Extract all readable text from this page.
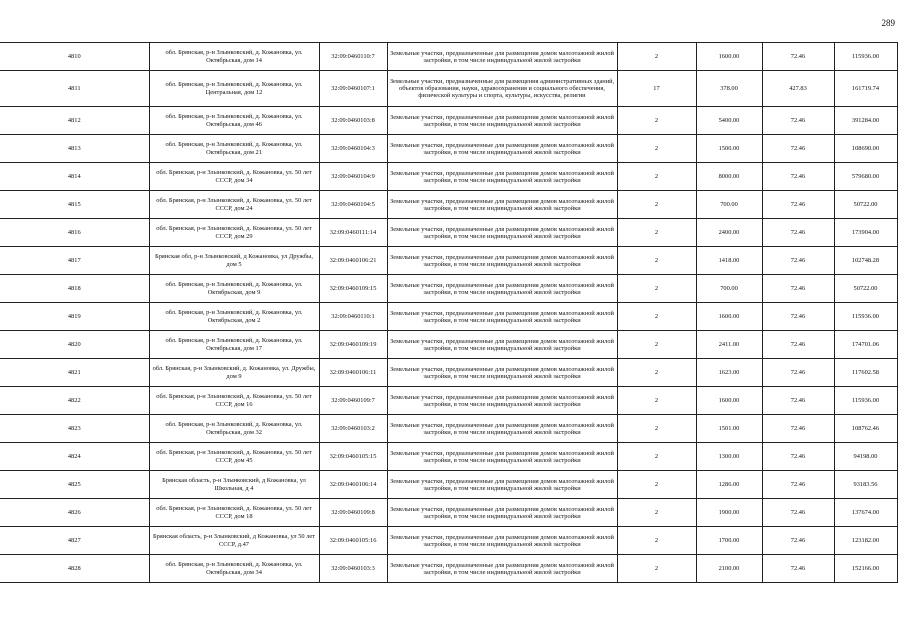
289
4810	обл. Брянская, р-н Злынковский, д. Кожановка, ул. Октябрьская, дом 14	32:09:0460110:7	Земельные участки, предназначенные для размещения домов малоэтажной жилой застройки, в том числе индивидуальной жилой застройки	2	1600.00	72.46	115936.00
4811	обл. Брянская, р-н Злынковский, д. Кожановка, ул. Центральная, дом 12	32:09:0460107:1	Земельные участки, предназначенные для размещения административных зданий, объектов образования, науки, здравоохранения и социального обеспечения, физической культуры и спорта, культуры, искусства, религии	17	378.00	427.83	161719.74
4812	обл. Брянская, р-н Злынковский, д. Кожановка, ул. Октябрьская, дом 46	32:09:0460103:8	Земельные участки, предназначенные для размещения домов малоэтажной жилой застройки, в том числе индивидуальной жилой застройки	2	5400.00	72.46	391284.00
4813	обл. Брянская, р-н Злынковский, д. Кожановка, ул. Октябрьская, дом 21	32:09:0460104:3	Земельные участки, предназначенные для размещения домов малоэтажной жилой застройки, в том числе индивидуальной жилой застройки	2	1500.00	72.46	108690.00
4814	обл. Брянская, р-н Злынковский, д. Кожановка, ул. 50 лет СССР, дом 34	32:09:0460104:9	Земельные участки, предназначенные для размещения домов малоэтажной жилой застройки, в том числе индивидуальной жилой застройки	2	8000.00	72.46	579680.00
4815	обл. Брянская, р-н Злынковский, д. Кожановка, ул. 50 лет СССР, дом 24	32:09:0460104:5	Земельные участки, предназначенные для размещения домов малоэтажной жилой застройки, в том числе индивидуальной жилой застройки	2	700.00	72.46	50722.00
4816	обл. Брянская, р-н Злынковский, д. Кожановка, ул. 50 лет СССР, дом 29	32:09:0460111:14	Земельные участки, предназначенные для размещения домов малоэтажной жилой застройки, в том числе индивидуальной жилой застройки	2	2400.00	72.46	173904.00
4817	Брянская обл, р-н Злынковский, д Кожановка, ул Дружбы, дом 5	32:09:0460106:21	Земельные участки, предназначенные для размещения домов малоэтажной жилой застройки, в том числе индивидуальной жилой застройки	2	1418.00	72.46	102748.28
4818	обл. Брянская, р-н Злынковский, д. Кожановка, ул. Октябрьская, дом 9	32:09:0460109:15	Земельные участки, предназначенные для размещения домов малоэтажной жилой застройки, в том числе индивидуальной жилой застройки	2	700.00	72.46	50722.00
4819	обл. Брянская, р-н Злынковский, д. Кожановка, ул. Октябрьская, дом 2	32:09:0460110:1	Земельные участки, предназначенные для размещения домов малоэтажной жилой застройки, в том числе индивидуальной жилой застройки	2	1600.00	72.46	115936.00
4820	обл. Брянская, р-н Злынковский, д. Кожановка, ул. Октябрьская, дом 17	32:09:0460109:19	Земельные участки, предназначенные для размещения домов малоэтажной жилой застройки, в том числе индивидуальной жилой застройки	2	2411.00	72.46	174701.06
4821	обл. Брянская, р-н Злынковский, д. Кожановка, ул. Дружбы, дом 9	32:09:0460106:11	Земельные участки, предназначенные для размещения домов малоэтажной жилой застройки, в том числе индивидуальной жилой застройки	2	1623.00	72.46	117602.58
4822	обл. Брянская, р-н Злынковский, д. Кожановка, ул. 50 лет СССР, дом 16	32:09:0460109:7	Земельные участки, предназначенные для размещения домов малоэтажной жилой застройки, в том числе индивидуальной жилой застройки	2	1600.00	72.46	115936.00
4823	обл. Брянская, р-н Злынковский, д. Кожановка, ул. Октябрьская, дом 32	32:09:0460103:2	Земельные участки, предназначенные для размещения домов малоэтажной жилой застройки, в том числе индивидуальной жилой застройки	2	1501.00	72.46	108762.46
4824	обл. Брянская, р-н Злынковский, д. Кожановка, ул. 50 лет СССР, дом 45	32:09:0460105:15	Земельные участки, предназначенные для размещения домов малоэтажной жилой застройки, в том числе индивидуальной жилой застройки	2	1300.00	72.46	94198.00
4825	Брянская область, р-н Злынковский, д Кожановка, ул Школьная, д 4	32:09:0460106:14	Земельные участки, предназначенные для размещения домов малоэтажной жилой застройки, в том числе индивидуальной жилой застройки	2	1286.00	72.46	93183.56
4826	обл. Брянская, р-н Злынковский, д. Кожановка, ул. 50 лет СССР, дом 18	32:09:0460109:8	Земельные участки, предназначенные для размещения домов малоэтажной жилой застройки, в том числе индивидуальной жилой застройки	2	1900.00	72.46	137674.00
4827	Брянская область, р-н Злынковский, д Кожановка, ул 50 лет СССР, д.47	32:09:0460105:16	Земельные участки, предназначенные для размещения домов малоэтажной жилой застройки, в том числе индивидуальной жилой застройки	2	1700.00	72.46	123182.00
4828	обл. Брянская, р-н Злынковский, д. Кожановка, ул. Октябрьская, дом 34	32:09:0460103:3	Земельные участки, предназначенные для размещения домов малоэтажной жилой застройки, в том числе индивидуальной жилой застройки	2	2100.00	72.46	152166.00
